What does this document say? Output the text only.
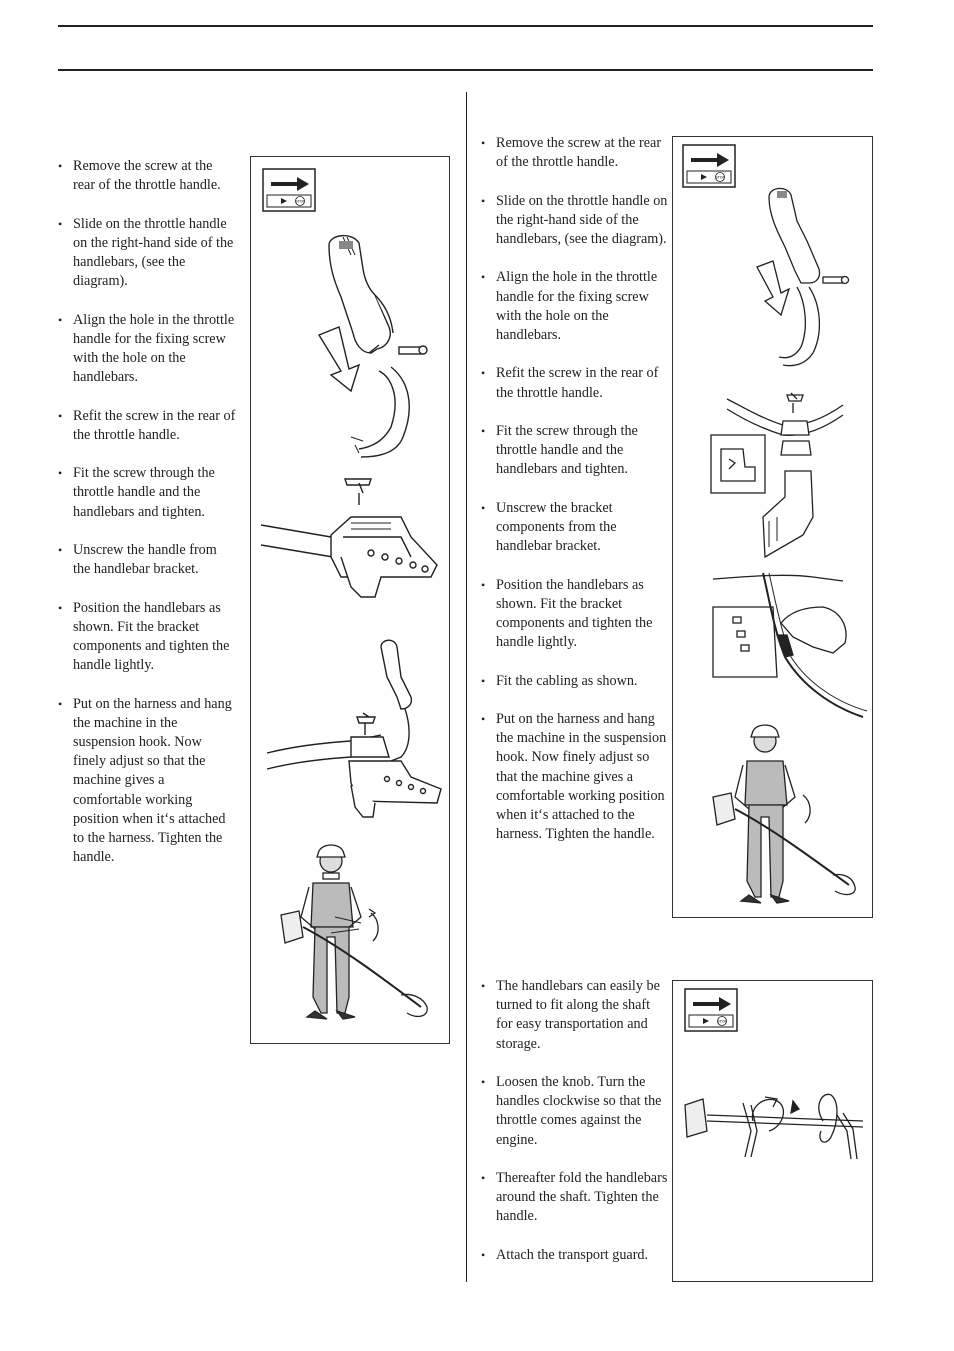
• Remove the screw at the rear of the throttle handle.
• Slide on the throttle handle on the right-hand side of the handlebars, (see the diagram).
• Align the hole in the throttle handle for the fixing screw with the hole on the handlebars.
• Refit the screw in the rear of the throttle handle.
• Fit the screw through the throttle handle and the handlebars and tighten.
• Unscrew the handle from the handlebar bracket.
• Position the handlebars as shown. Fit the bracket components and tighten the handle lightly.
• Put on the harness and hang the machine in the suspension hook. Now finely adjust so that the machine gives a comfortable working position when it‘s attached to the harness. Tighten the handle.
STOP
• Remove the screw at the rear of the throttle handle.
• Slide on the throttle handle on the right-hand side of the handlebars, (see the diagram).
• Align the hole in the throttle handle for the fixing screw with the hole on the handlebars.
• Refit the screw in the rear of the throttle handle.
• Fit the screw through the throttle handle and the handlebars and tighten.
• Unscrew the bracket components from the handlebar bracket.
• Position the handlebars as shown. Fit the bracket components and tighten the handle lightly.
• Fit the cabling as shown.
• Put on the harness and hang the machine in the suspension hook. Now finely adjust so that the machine gives a comfortable working position when it‘s attached to the harness. Tighten the handle.
STOP
• The handlebars can easily be turned to fit along the shaft for easy transportation and storage.
• Loosen the knob. Turn the handles clockwise so that the throttle comes against the engine.
• Thereafter fold the handlebars around the shaft. Tighten the handle.
• Attach the transport guard.
STOP
